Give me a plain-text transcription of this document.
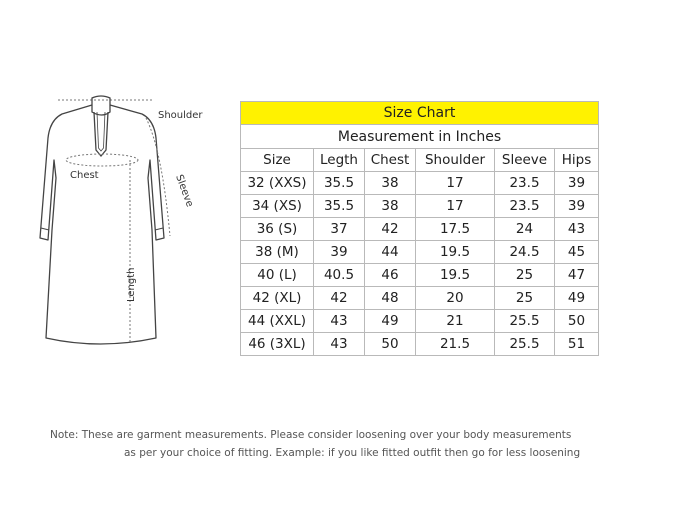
Shoulder
Chest	Sleeve
Length
Size Chart					
Measurement in Inches					
Size	Legth	Chest	Shoulder	Sleeve	Hips
32 (XXS)	35.5	38	17	23.5	39
34 (XS)	35.5	38	17	23.5	39
36 (S)	37	42	17.5	24	43
38 (M)	39	44	19.5	24.5	45
40 (L)	40.5	46	19.5	25	47
42 (XL)	42	48	20	25	49
44 (XXL)	43	49	21	25.5	50
46 (3XL)	43	50	21.5	25.5	51
Note: These are garment measurements. Please consider loosening over your body measurements
as per your choice of fitting. Example: if you like fitted outfit then go for less loosening
